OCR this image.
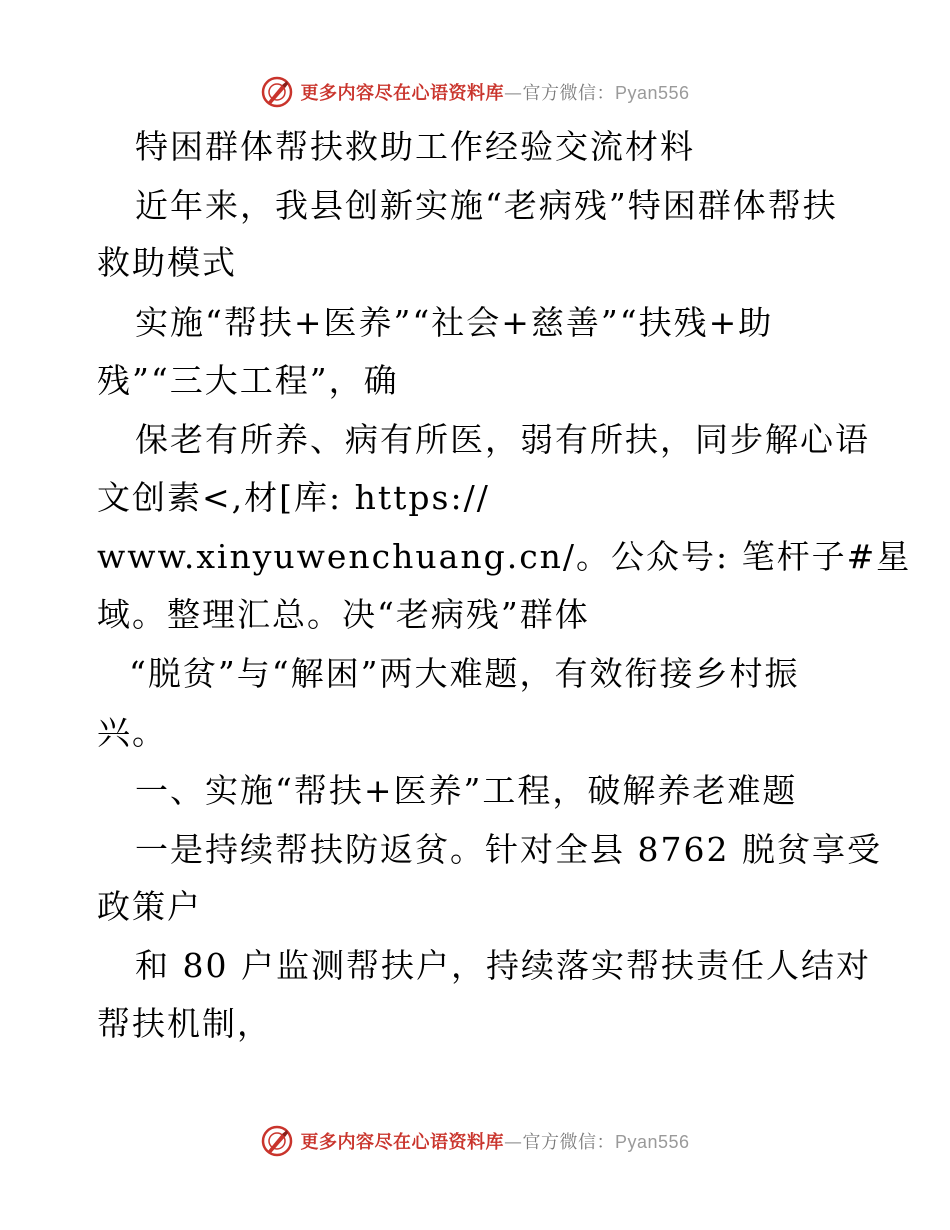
更多内容尽在心语资料库—官方微信：Pyan556
特困群体帮扶救助工作经验交流材料
近年来，我县创新实施“老病残”特困群体帮扶
救助模式
实施“帮扶+医养”“社会+慈善”“扶残+助
残”“三大工程”，确
保老有所养、病有所医，弱有所扶，同步解心语
文创素<,材[库: https://
www.xinyuwenchuang.cn/。公众号: 笔杆子#星
域。整理汇总。决“老病残”群体
“脱贫”与“解困”两大难题，有效衔接乡村振
兴。
一、实施“帮扶+医养”工程，破解养老难题
一是持续帮扶防返贫。针对全县 8762 脱贫享受
政策户
和 80 户监测帮扶户，持续落实帮扶责任人结对
帮扶机制，
更多内容尽在心语资料库—官方微信：Pyan556
